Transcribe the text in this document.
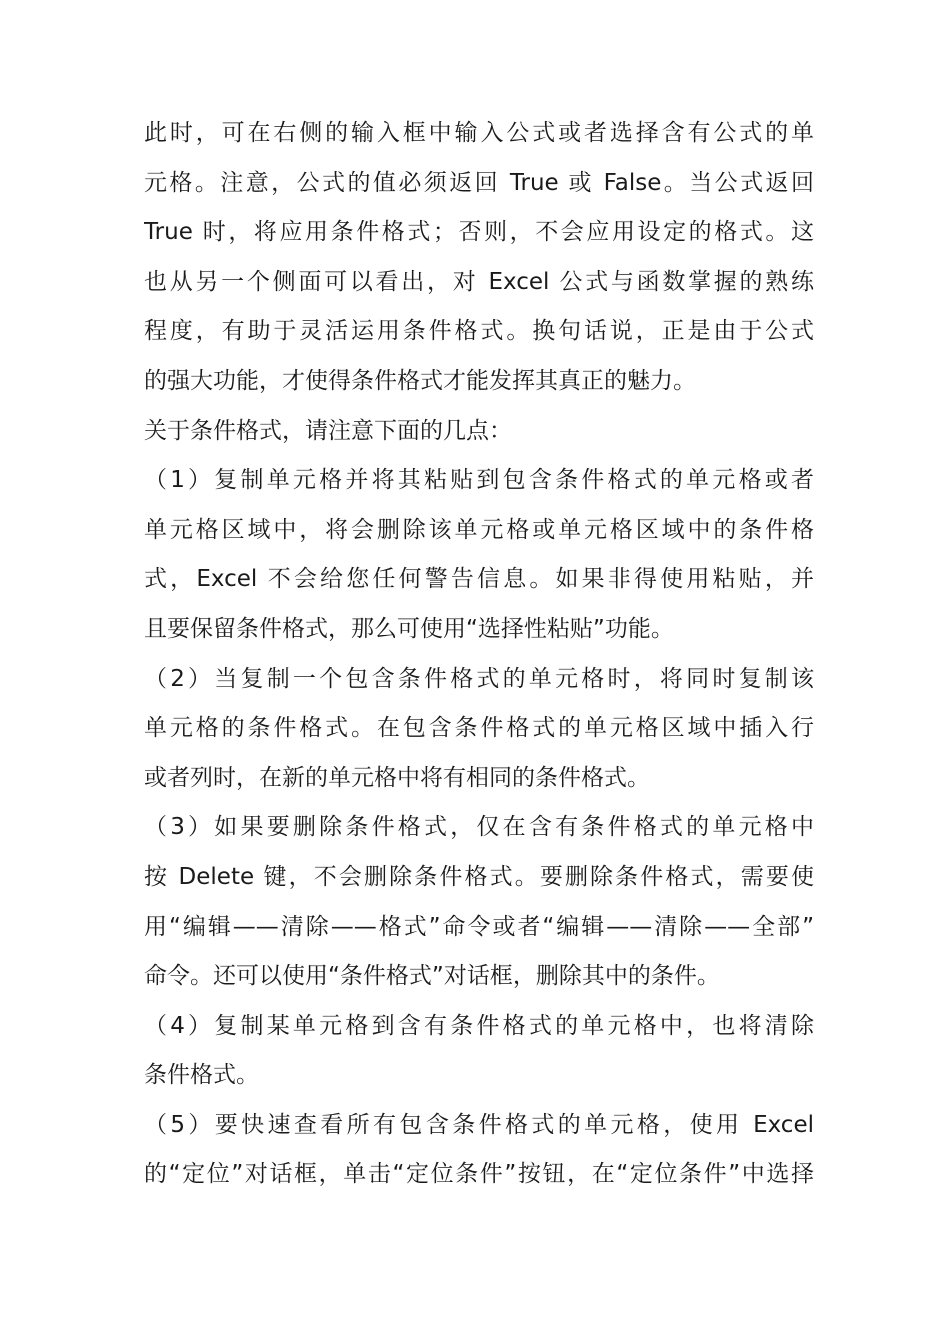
此时，可在右侧的输入框中输入公式或者选择含有公式的单
元格。注意，公式的值必须返回 True 或 False。当公式返回
True 时，将应用条件格式；否则，不会应用设定的格式。这
也从另一个侧面可以看出，对 Excel 公式与函数掌握的熟练
程度，有助于灵活运用条件格式。换句话说，正是由于公式
的强大功能，才使得条件格式才能发挥其真正的魅力。
关于条件格式，请注意下面的几点：
（1）复制单元格并将其粘贴到包含条件格式的单元格或者
单元格区域中，将会删除该单元格或单元格区域中的条件格
式，Excel 不会给您任何警告信息。如果非得使用粘贴，并
且要保留条件格式，那么可使用“选择性粘贴”功能。
（2）当复制一个包含条件格式的单元格时，将同时复制该
单元格的条件格式。在包含条件格式的单元格区域中插入行
或者列时，在新的单元格中将有相同的条件格式。
（3）如果要删除条件格式，仅在含有条件格式的单元格中
按 Delete 键，不会删除条件格式。要删除条件格式，需要使
用“编辑——清除——格式”命令或者“编辑——清除——全部”
命令。还可以使用“条件格式”对话框，删除其中的条件。
（4）复制某单元格到含有条件格式的单元格中，也将清除
条件格式。
（5）要快速查看所有包含条件格式的单元格，使用 Excel
的“定位”对话框，单击“定位条件”按钮，在“定位条件”中选择
